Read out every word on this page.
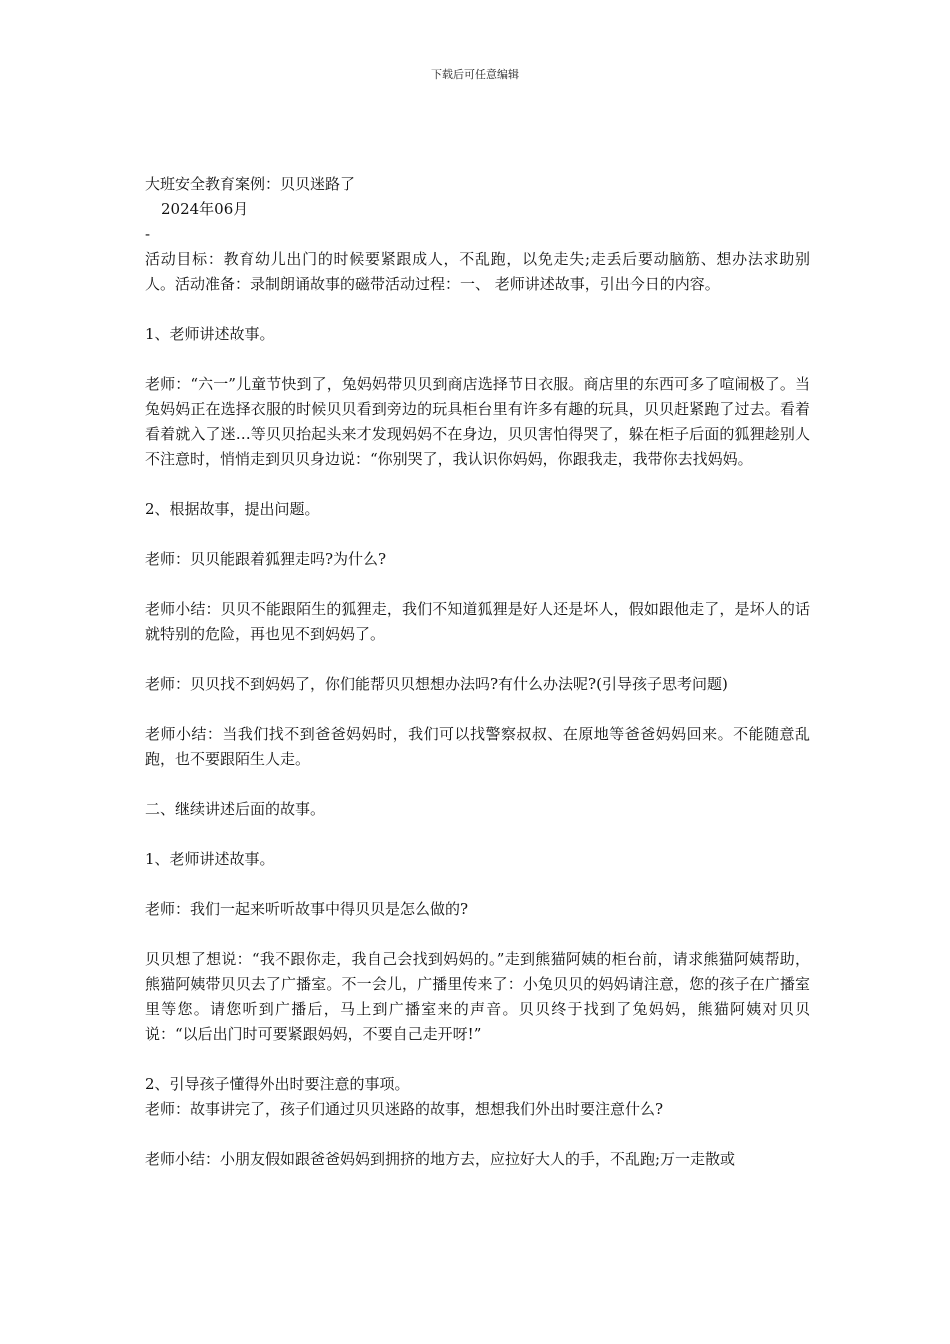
下载后可任意编辑

大班安全教育案例：贝贝迷路了

2024年06月

-

活动目标：教育幼儿出门的时候要紧跟成人，不乱跑，以免走失;走丢后要动脑筋、想办法求助别人。活动准备：录制朗诵故事的磁带活动过程：一、 老师讲述故事，引出今日的内容。

1、老师讲述故事。

老师：“六一”儿童节快到了，兔妈妈带贝贝到商店选择节日衣服。商店里的东西可多了喧闹极了。当兔妈妈正在选择衣服的时候贝贝看到旁边的玩具柜台里有许多有趣的玩具，贝贝赶紧跑了过去。看着看着就入了迷…等贝贝抬起头来才发现妈妈不在身边，贝贝害怕得哭了，躲在柜子后面的狐狸趁别人不注意时，悄悄走到贝贝身边说：“你别哭了，我认识你妈妈，你跟我走，我带你去找妈妈。

2、根据故事，提出问题。

老师：贝贝能跟着狐狸走吗?为什么?

老师小结：贝贝不能跟陌生的狐狸走，我们不知道狐狸是好人还是坏人，假如跟他走了，是坏人的话就特别的危险，再也见不到妈妈了。

老师：贝贝找不到妈妈了，你们能帮贝贝想想办法吗?有什么办法呢?(引导孩子思考问题)

老师小结：当我们找不到爸爸妈妈时，我们可以找警察叔叔、在原地等爸爸妈妈回来。不能随意乱跑，也不要跟陌生人走。

二、继续讲述后面的故事。

1、老师讲述故事。

老师：我们一起来听听故事中得贝贝是怎么做的?

贝贝想了想说：“我不跟你走，我自己会找到妈妈的。”走到熊猫阿姨的柜台前，请求熊猫阿姨帮助，熊猫阿姨带贝贝去了广播室。不一会儿，广播里传来了：小兔贝贝的妈妈请注意，您的孩子在广播室里等您。请您听到广播后，马上到广播室来的声音。贝贝终于找到了兔妈妈，熊猫阿姨对贝贝说：“以后出门时可要紧跟妈妈，不要自己走开呀!”

2、引导孩子懂得外出时要注意的事项。

老师：故事讲完了，孩子们通过贝贝迷路的故事，想想我们外出时要注意什么?

老师小结：小朋友假如跟爸爸妈妈到拥挤的地方去，应拉好大人的手，不乱跑;万一走散或
